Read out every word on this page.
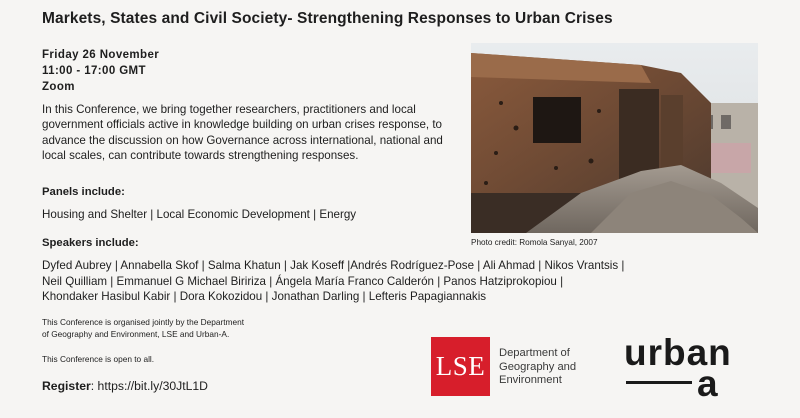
Markets, States and Civil Society- Strengthening Responses to Urban Crises
Friday 26 November
11:00 - 17:00 GMT
Zoom
In this Conference, we bring together researchers, practitioners and local government officials active in knowledge building on urban crises response, to advance the discussion on how Governance across international, national and local scales, can contribute towards strengthening responses.
Panels include:
Housing and Shelter | Local Economic Development | Energy
Speakers include:
Dyfed Aubrey | Annabella Skof | Salma Khatun | Jak Koseff |Andrés Rodríguez-Pose | Ali Ahmad | Nikos Vrantsis |
Neil Quilliam | Emmanuel G Michael Biririza | Ángela María Franco Calderón | Panos Hatziprokopiou |
Khondaker Hasibul Kabir | Dora Kokozidou | Jonathan Darling | Lefteris Papagiannakis
This Conference is organised jointly by the Department
of Geography and Environment, LSE and Urban-A.
This Conference is open to all.
Register: https://bit.ly/30JtL1D
Photo credit: Romola Sanyal, 2007
LSE	Department of
Geography and
Environment
urban
a
